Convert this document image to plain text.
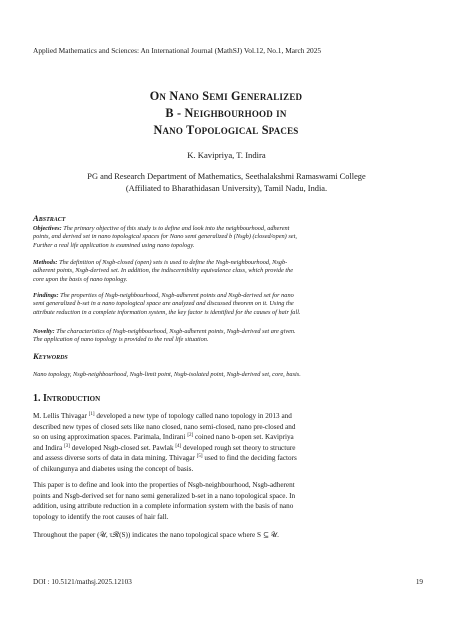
Applied Mathematics and Sciences: An International Journal (MathSJ) Vol.12, No.1, March 2025
On Nano Semi Generalized
B - Neighbourhood in
Nano Topological Spaces
K. Kavipriya, T. Indira
PG and Research Department of Mathematics, Seethalakshmi Ramaswami College
(Affiliated to Bharathidasan University), Tamil Nadu, India.
Abstract
Objectives: The primary objective of this study is to define and look into the neighbourhood, adherent
points, and derived set in nano topological spaces for Nano semi generalized b (Nsgb) (closed/open) set,
Further a real life application is examined using nano topology.
Methods: The definition of Nsgb-closed (open) sets is used to define the Nsgb-neighbourhood, Nsgb-
adherent points, Nsgb-derived set. In addition, the indiscernibility equivalence class, which provide the
core upon the basis of nano topology.
Findings: The properties of Nsgb-neighbourhood, Nsgb-adherent points and Nsgb-derived set for nano
semi generalized b-set in a nano topological space are analyzed and discussed theorem on it. Using the
attribute reduction in a complete information system, the key factor is identified for the causes of hair fall.
Novelty: The characteristics of Nsgb-neighbourhood, Nsgb-adherent points, Nsgb-derived set are given.
The application of nano topology is provided to the real life situation.
Keywords
Nano topology, Nsgb-neighbourhood, Nsgb-limit point, Nsgb-isolated point, Nsgb-derived set, core, basis.
1. Introduction
M. Lellis Thivagar [1] developed a new type of topology called nano topology in 2013 and
described new types of closed sets like nano closed, nano semi-closed, nano pre-closed and
so on using approximation spaces. Parimala, Indirani [2] coined nano b-open set. Kavipriya
and Indira [3] developed Nsgb-closed set. Pawlak [4] developed rough set theory to structure
and assess diverse sorts of data in data mining. Thivagar [5] used to find the deciding factors
of chikungunya and diabetes using the concept of basis.
This paper is to define and look into the properties of Nsgb-neighbourhood, Nsgb-adherent
points and Nsgb-derived set for nano semi generalized b-set in a nano topological space. In
addition, using attribute reduction in a complete information system with the basis of nano
topology to identify the root causes of hair fall.
Throughout the paper (𝒰, τ𝓡(S)) indicates the nano topological space where S ⊆ 𝒰.
DOI : 10.5121/mathsj.2025.12103	19
